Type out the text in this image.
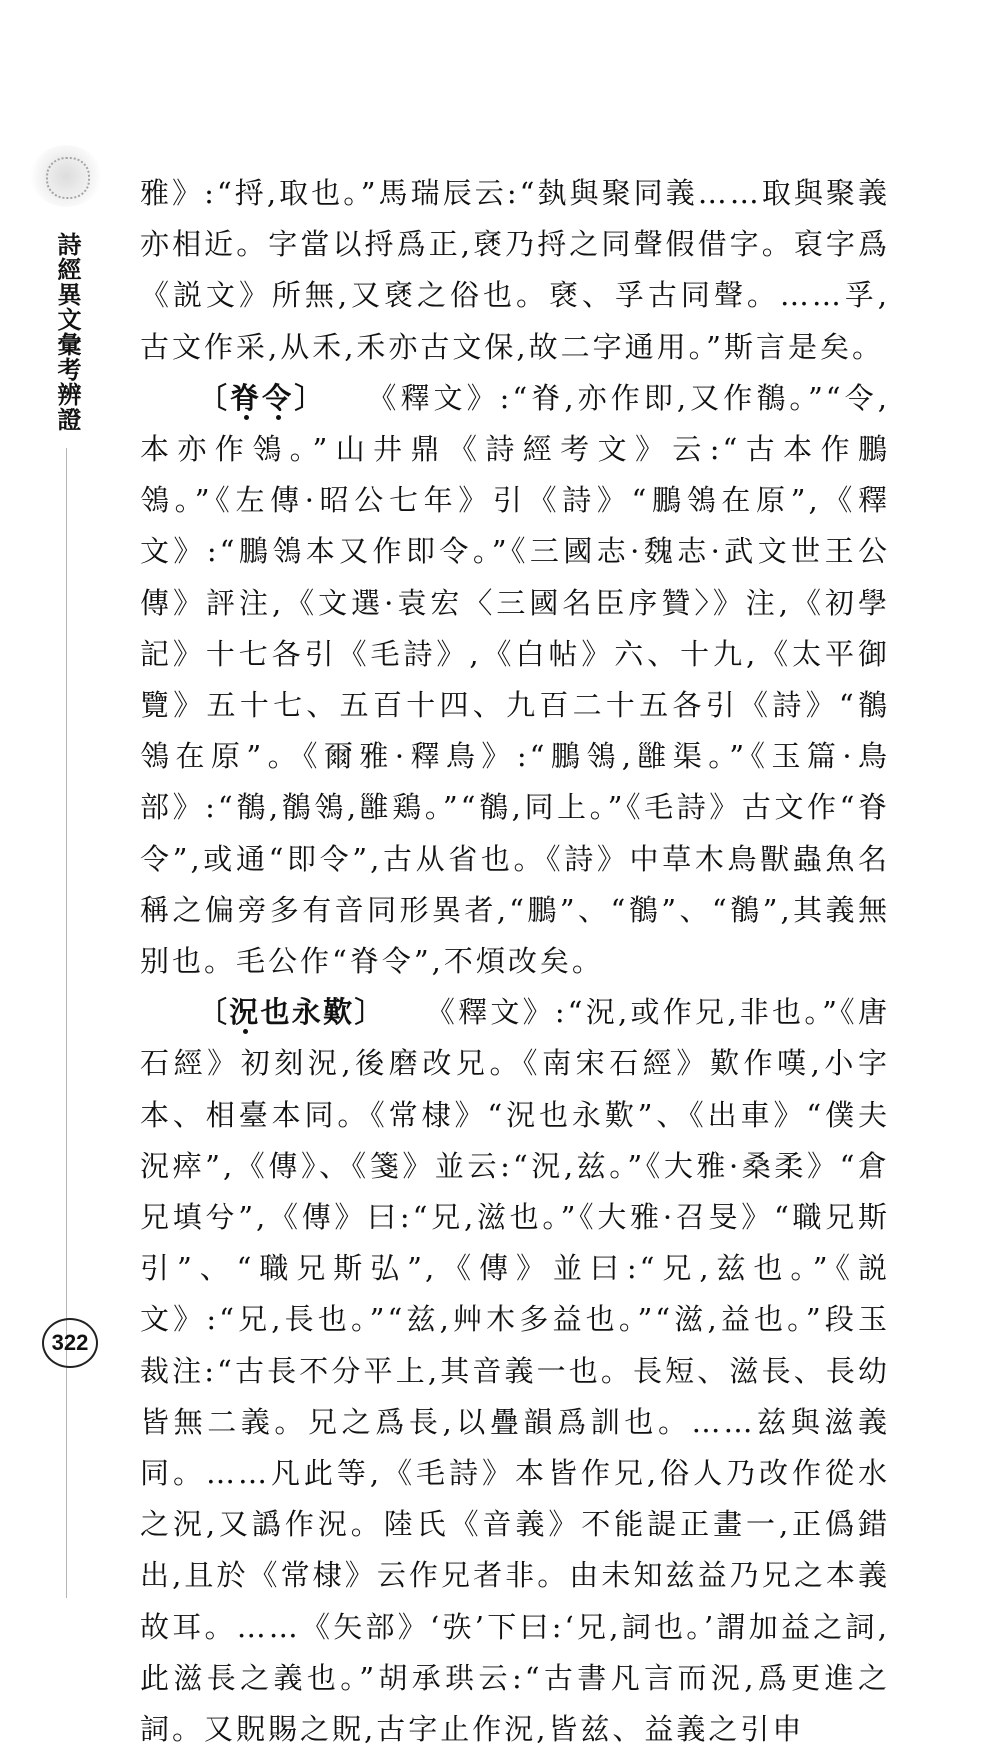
詩經異文彙考辨證

雅》:“捋,取也。”馬瑞辰云:“埶與聚同義……取與聚義亦相近。字當以捋爲正,褎乃捋之同聲假借字。裒字爲《説文》所無,又褎之俗也。褎、孚古同聲。……孚,古文作采,从禾,禾亦古文保,故二字通用。”斯言是矣。

〔脊令〕 《釋文》:“脊,亦作即,又作鶺。”“令,本亦作鴒。”山井鼎《詩經考文》云:“古本作鵬鴒。”《左傳·昭公七年》引《詩》“鵬鴒在原”,《釋文》:“鵬鴒本又作即令。”《三國志·魏志·武文世王公傳》評注,《文選·袁宏〈三國名臣序贊〉》注,《初學記》十七各引《毛詩》,《白帖》六、十九,《太平御覽》五十七、五百十四、九百二十五各引《詩》“鶺鴒在原”。《爾雅·釋鳥》:“鵬鴒,雝渠。”《玉篇·鳥部》:“鶺,鶺鴒,雝鶏。”“鶺,同上。”《毛詩》古文作“脊令”,或通“即令”,古从省也。《詩》中草木鳥獸蟲魚名稱之偏旁多有音同形異者,“鵬”、“鶺”、“鶺”,其義無别也。毛公作“脊令”,不煩改矣。

〔況也永歎〕 《釋文》:“況,或作兄,非也。”《唐石經》初刻況,後磨改兄。《南宋石經》歎作嘆,小字本、相臺本同。《常棣》“況也永歎”、《出車》“僕夫況瘁”,《傳》、《箋》並云:“況,兹。”《大雅·桑柔》“倉兄填兮”,《傳》曰:“兄,滋也。”《大雅·召旻》“職兄斯引”、“職兄斯弘”,《傳》並曰:“兄,兹也。”《説文》:“兄,長也。”“兹,艸木多益也。”“滋,益也。”段玉裁注:“古長不分平上,其音義一也。長短、滋長、長幼皆無二義。兄之爲長,以疊韻爲訓也。……兹與滋義同。……凡此等,《毛詩》本皆作兄,俗人乃改作從水之況,又譌作況。陸氏《音義》不能諟正畫一,正僞錯出,且於《常棣》云作兄者非。由未知兹益乃兄之本義故耳。……《矢部》‘矤’下曰:‘兄,詞也。’謂加益之詞,此滋長之義也。”胡承珙云:“古書凡言而況,爲更進之詞。又貺賜之貺,古字止作況,皆兹、益義之引申

322
